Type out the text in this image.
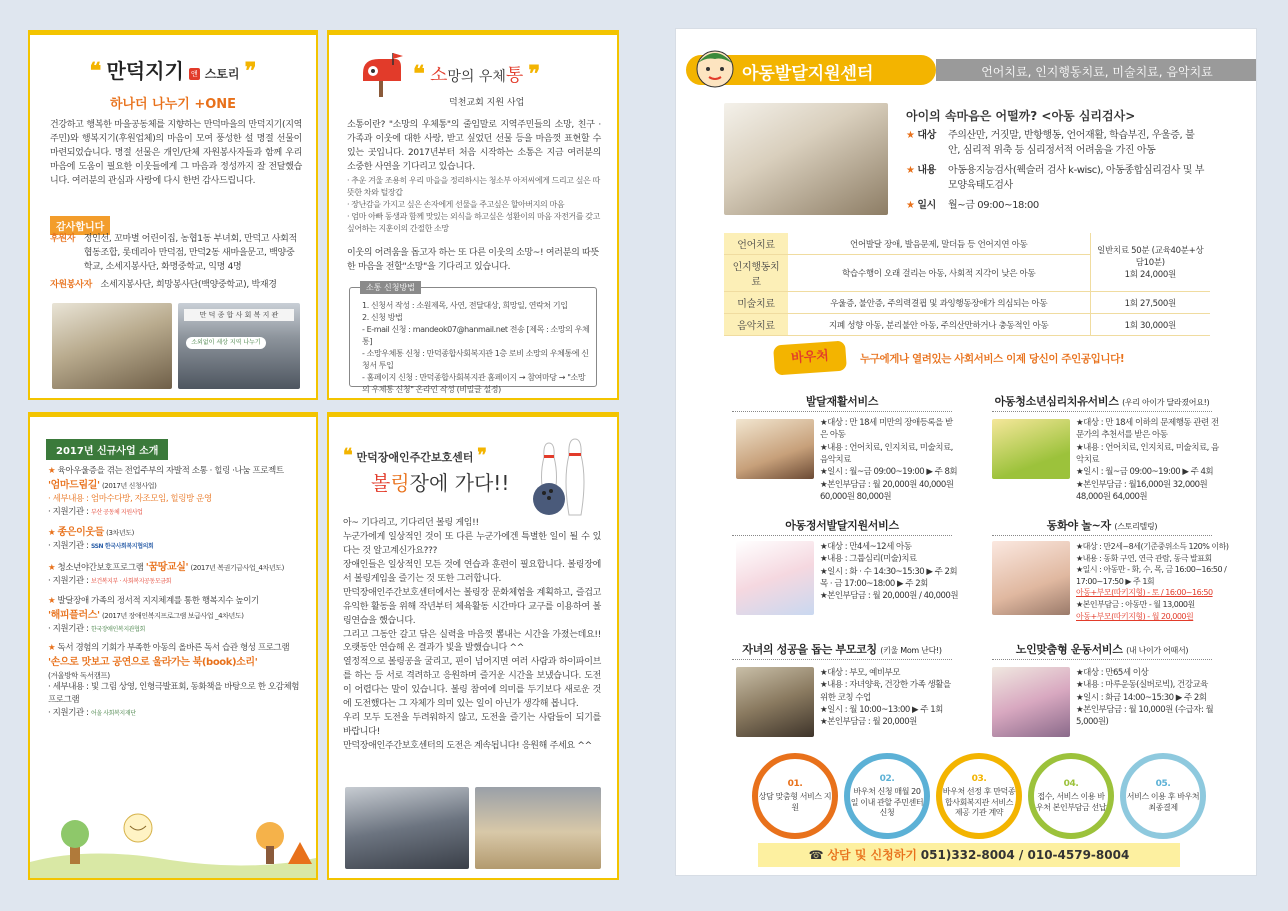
❝ 만덕지기 앤 스토리 ❞
하나더 나누기 +ONE
건강하고 행복한 마을공동체를 지향하는 만덕마을의 만덕지기(지역주민)와 행복지기(후원업체)의 마음이 모여 풍성한 설 명절 선물이 마련되었습니다. 명절 선물은 개인/단체 자원봉사자들과 함께 우리 마음에 도움이 필요한 이웃들에게 그 마음과 정성까지 잘 전달했습니다. 여러분의 관심과 사랑에 다시 한번 감사드립니다.
감사합니다
후원자 정인선, 꼬마별 어린이집, 농협1동 부녀회, 만덕고 사회적협동조합, 롯데리아 만덕점, 만덕2동 새마을문고, 백양중학교, 소세지봉사단, 화명중학교, 익명 4명
자원봉사자 소세지봉사단, 희망봉사단(백양중학교), 박재경
만 덕 종 합 사 회 복 지 관
소외없이 세상 지역 나누기
❝ 소망의 우체통 ❞
덕천교회 지원 사업
소통이란? "소망의 우체통"의 줄임말로 지역주민들의 소망, 친구 · 가족과 이웃에 대한 사랑, 받고 싶었던 선물 등을 마음껏 표현할 수 있는 곳입니다. 2017년부터 처음 시작하는 소통은 지금 여러분의 소중한 사연을 기다리고 있습니다.
· 추운 겨울 조용히 우리 마을을 정리하시는 청소부 아저씨에게 드리고 싶은 따뜻한 차와 털장갑
· 장난감을 가지고 싶은 손자에게 선물을 주고싶은 할아버지의 마음
· 엄마 아빠 동생과 함께 맛있는 외식을 하고싶은 성환이의 마음 자전거를 갖고 싶어하는 지훈이의 간절한 소망
이웃의 어려움을 돕고자 하는 또 다른 이웃의 소망~! 여러분의 따뜻한 마음을 전할"소망"을 기다리고 있습니다.
소통 신청방법
1. 신청서 작성 : 소원제목, 사연, 전달대상, 희망일, 연락처 기입
2. 신청 방법
- E-mail 신청 : mandeok07@hanmail.net 전송 [제목 : 소망의 우체통]
- 소망우체통 신청 : 만덕종합사회복지관 1층 로비 소망의 우체통에 신청서 투입
- 홈페이지 신청 : 만덕종합사회복지관 홈페이지 → 참여마당 → "소망의 우체통 신청" 온라인 작성 (비밀글 설정)
2017년 신규사업 소개
★ 육아우울증을 겪는 전업주부의 자발적 소통 · 힐링 ·나눔 프로젝트
'엄마드림길' (2017년 신청사업)
· 세부내용 : 엄마수다방, 자조모임, 힐링방 운영
· 지원기관 : 부산 공동체 지원사업
★ 종은이웃들 (3차년도)
· 지원기관 : SSN 한국사회복지협의회
★ 청소년야간보호프로그램 '꿈땅교실' (2017년 복권기금사업_4차년도)
· 지원기관 : 보건복지부 · 사회복지공동모금회
★ 발달장애 가족의 정서적 지지체계를 통한 행복지수 높이기
'해피플러스' (2017년 장애인복지프로그램 보급사업 _4차년도)
· 지원기관 : 한국장애인복지관협회
★ 독서 경험의 기회가 부족한 아동의 올바른 독서 습관 형성 프로그램
'손으로 맛보고 공연으로 울라가는 북(book)소리'
(겨울방학 독서캠프)
· 세부내용 : 빛 그림 상영, 인형극발표회, 동화책을 바탕으로 한 오감체험 프로그램
· 지원기관 : 어울 사회복지재단
❝ 만덕장애인주간보호센터 ❞
볼링장에 가다!!
아~ 기다리고, 기다리던 볼링 게임!!
누군가에게 일상적인 것이 또 다른 누군가에겐 특별한 일이 될 수 있다는 것 알고계신가요???
장애인들은 일상적인 모든 것에 연습과 훈련이 필요합니다. 볼링장에서 볼링게임을 즐기는 것 또한 그러합니다.
만덕장애인주간보호센터에서는 볼링장 문화체험을 계획하고, 즐겁고 유익한 활동을 위해 작년부터 체육활동 시간마다 교구를 이용하여 볼링연습을 했습니다.
그리고 그동안 갈고 닦은 실력을 마음껏 뽐내는 시간을 가졌는데요!! 오랫동안 연습해 온 결과가 빛을 발했습니다 ^^
열정적으로 볼링공을 굴리고, 핀이 넘어지면 여러 사람과 하이파이브를 하는 등 서로 격려하고 응원하며 즐거운 시간을 보냈습니다. 도전이 어렵다는 말이 있습니다. 볼링 참여에 의미를 두기보다 새로운 것에 도전했다는 그 자체가 의미 있는 일이 아닌가 생각해 봅니다.
우리 모두 도전을 두려워하지 않고, 도전을 즐기는 사람들이 되기를 바랍니다!
만덕장애인주간보호센터의 도전은 계속됩니다! 응원해 주세요 ^^
언어치료, 인지행동치료, 미술치료, 음악치료
아동발달지원센터
아이의 속마음은 어떨까? <아동 심리검사>
★ 대상	주의산만, 거짓말, 반항행동, 언어재활, 학습부진, 우울증, 불안, 심리적 위축 등 심리정서적 어려움을 가진 아동
★ 내용	아동용지능검사(웩슬러 검사 k-wisc), 아동종합심리검사 및 부모양육태도검사
★ 일시	월~금 09:00~18:00
언어치료	언어발달 장애, 발음문제, 말더듬 등 언어지연 아동	일반치료 50분 (교육40분+상담10분)
1회 24,000원

인지행동치료	학습수행이 오래 걸리는 아동, 사회적 지각이 낮은 아동	
미술치료	우울증, 불안증, 주의력결핍 및 과잉행동장애가 의심되는 아동	1회 27,500원
음악치료	지폐 성향 아동, 분리불안 아동, 주의산만하거나 충동적인 아동	1회 30,000원
바우처	누구에게나 열려있는 사회서비스 이제 당신이 주인공입니다!
발달재활서비스
★대상 : 만 18세 미만의 장애등록을 받은 아동
★내용 : 언어치료, 인지치료, 미술치료, 음악치료
★일시 : 월~금 09:00~19:00 ▶ 주 8회
★본인부담금 : 월 20,000원 40,000원 60,000원 80,000원
아동청소년심리치유서비스 (우리 아이가 달라졌어요!)
★대상 : 만 18세 이하의 문제행동 관련 전문가의 추천서를 받은 아동
★내용 : 언어치료, 인지치료, 미술치료, 음악치료
★일시 : 월~금 09:00~19:00 ▶ 주 4회
★본인부담금 : 월16,000원 32,000원 48,000원 64,000원
아동정서발달지원서비스
★대상 : 만4세~12세 아동
★내용 : 그룹심리(미술)치료
★일시 : 화 · 수 14:30~15:30 ▶ 주 2회 목 · 금 17:00~18:00 ▶ 주 2회
★본인부담금 : 월 20,000원 / 40,000원
동화야 놀~자 (스토리텔링)
★대상 : 만2세~8세(기준중위소득 120% 이하)
★내용 : 동화 구연, 연극 관람, 동극 발표회
★일시 : 아동만 - 화, 수, 목, 금 16:00~16:50 / 17:00~17:50 ▶ 주 1회
아동+부모(따키지형) - 토 / 16:00~16:50
★본인부담금 : 아동만 - 월 13,000원
아동+부모(따키지형) - 월 20,000원
자녀의 성공을 돕는 부모코칭 (키울 Mom 난다!)
★대상 : 부모, 예비부모
★내용 : 자녀양육, 건강한 가족 생활을 위한 코칭 수업
★일시 : 월 10:00~13:00 ▶ 주 1회
★본인부담금 : 월 20,000원
노인맞춤형 운동서비스 (내 나이가 어때서)
★대상 : 만65세 이상
★내용 : 마루운동(실버로빅), 건강교육
★일시 : 화금 14:00~15:30 ▶ 주 2회
★본인부담금 : 월 10,000원 (수급자: 월 5,000원)
01.
상담 맞춤형 서비스 지원
02.
바우처 신청 매월 20일 이내 관할 주민센터 신청
03.
바우처 선정 후 만덕종합사회복지관 서비스제공 기관 계약
04.
접수, 서비스 이용 바우처 본인부담금 선납
05.
서비스 이용 후 바우처 최종결제
☎ 상담 및 신청하기 051)332-8004 / 010-4579-8004
